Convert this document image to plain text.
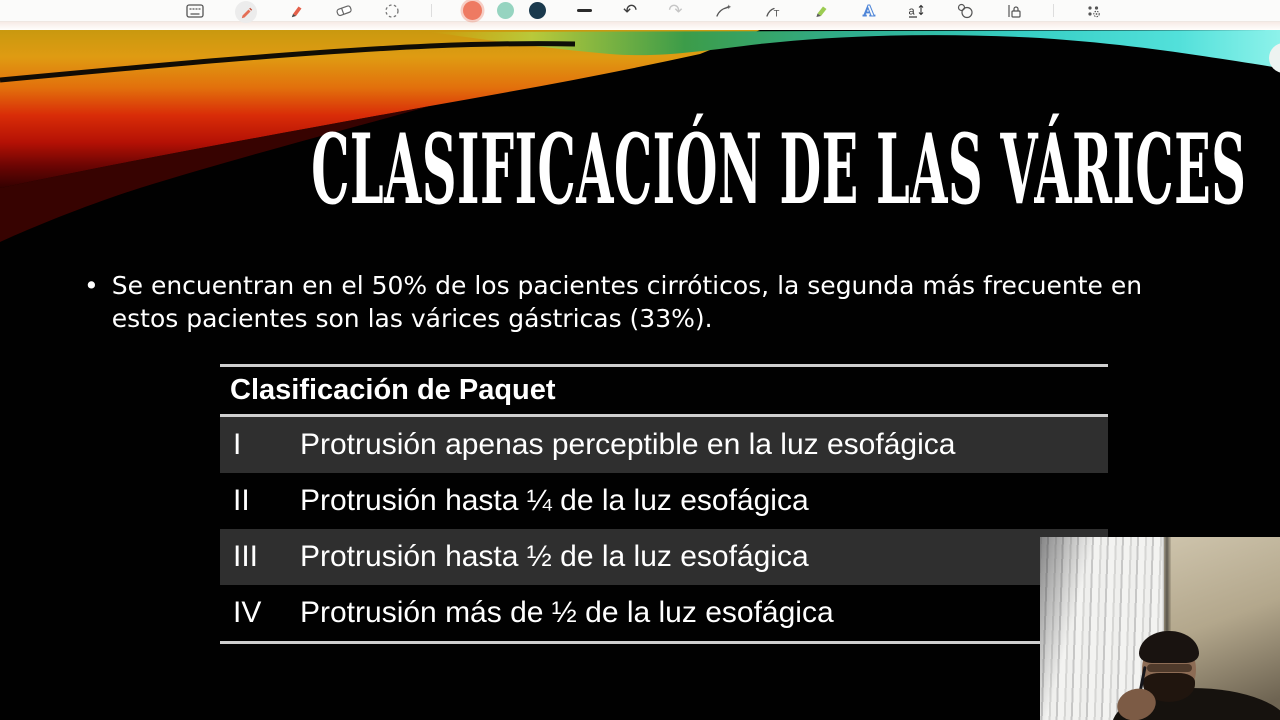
↶ ↷	T	A	a
CLASIFICACIÓN DE LAS VÁRICES
• Se encuentran en el 50% de los pacientes cirróticos, la segunda más frecuente en estos pacientes son las várices gástricas (33%).
Clasificación de Paquet
I	Protrusión apenas perceptible en la luz esofágica
II	Protrusión hasta ¼ de la luz esofágica
III	Protrusión hasta ½ de la luz esofágica
IV	Protrusión más de ½ de la luz esofágica
